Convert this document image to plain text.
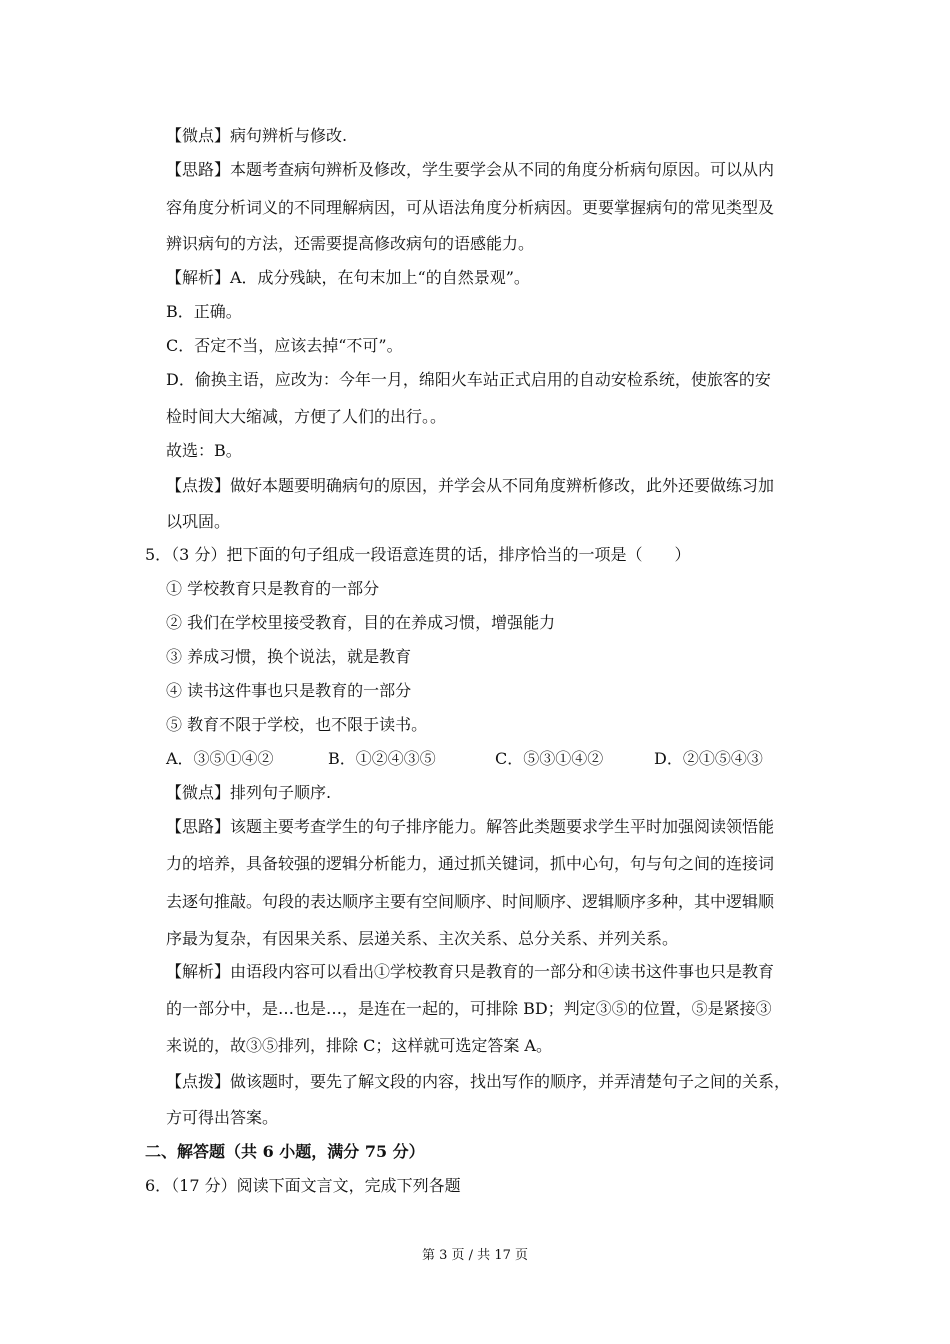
【微点】病句辨析与修改.
【思路】本题考查病句辨析及修改，学生要学会从不同的角度分析病句原因。可以从内
容角度分析词义的不同理解病因，可从语法角度分析病因。更要掌握病句的常见类型及
辨识病句的方法，还需要提高修改病句的语感能力。
【解析】A．成分残缺，在句末加上“的自然景观”。
B．正确。
C．否定不当，应该去掉“不可”。
D．偷换主语，应改为：今年一月，绵阳火车站正式启用的自动安检系统，使旅客的安
检时间大大缩减，方便了人们的出行。。
故选：B。
【点拨】做好本题要明确病句的原因，并学会从不同角度辨析修改，此外还要做练习加
以巩固。
5．（3 分）把下面的句子组成一段语意连贯的话，排序恰当的一项是（　　）
① 学校教育只是教育的一部分
② 我们在学校里接受教育，目的在养成习惯，增强能力
③ 养成习惯，换个说法，就是教育
④ 读书这件事也只是教育的一部分
⑤ 教育不限于学校，也不限于读书。
A．③⑤①④②	B．①②④③⑤	C．⑤③①④②	D．②①⑤④③
【微点】排列句子顺序.
【思路】该题主要考查学生的句子排序能力。解答此类题要求学生平时加强阅读领悟能
力的培养，具备较强的逻辑分析能力，通过抓关键词，抓中心句，句与句之间的连接词
去逐句推敲。句段的表达顺序主要有空间顺序、时间顺序、逻辑顺序多种，其中逻辑顺
序最为复杂，有因果关系、层递关系、主次关系、总分关系、并列关系。
【解析】由语段内容可以看出①学校教育只是教育的一部分和④读书这件事也只是教育
的一部分中，是…也是…，是连在一起的，可排除 BD；判定③⑤的位置，⑤是紧接③
来说的，故③⑤排列，排除 C；这样就可选定答案 A。
【点拨】做该题时，要先了解文段的内容，找出写作的顺序，并弄清楚句子之间的关系，
方可得出答案。
二、解答题（共 6 小题，满分 75 分）
6．（17 分）阅读下面文言文，完成下列各题
第 3 页 / 共 17 页
